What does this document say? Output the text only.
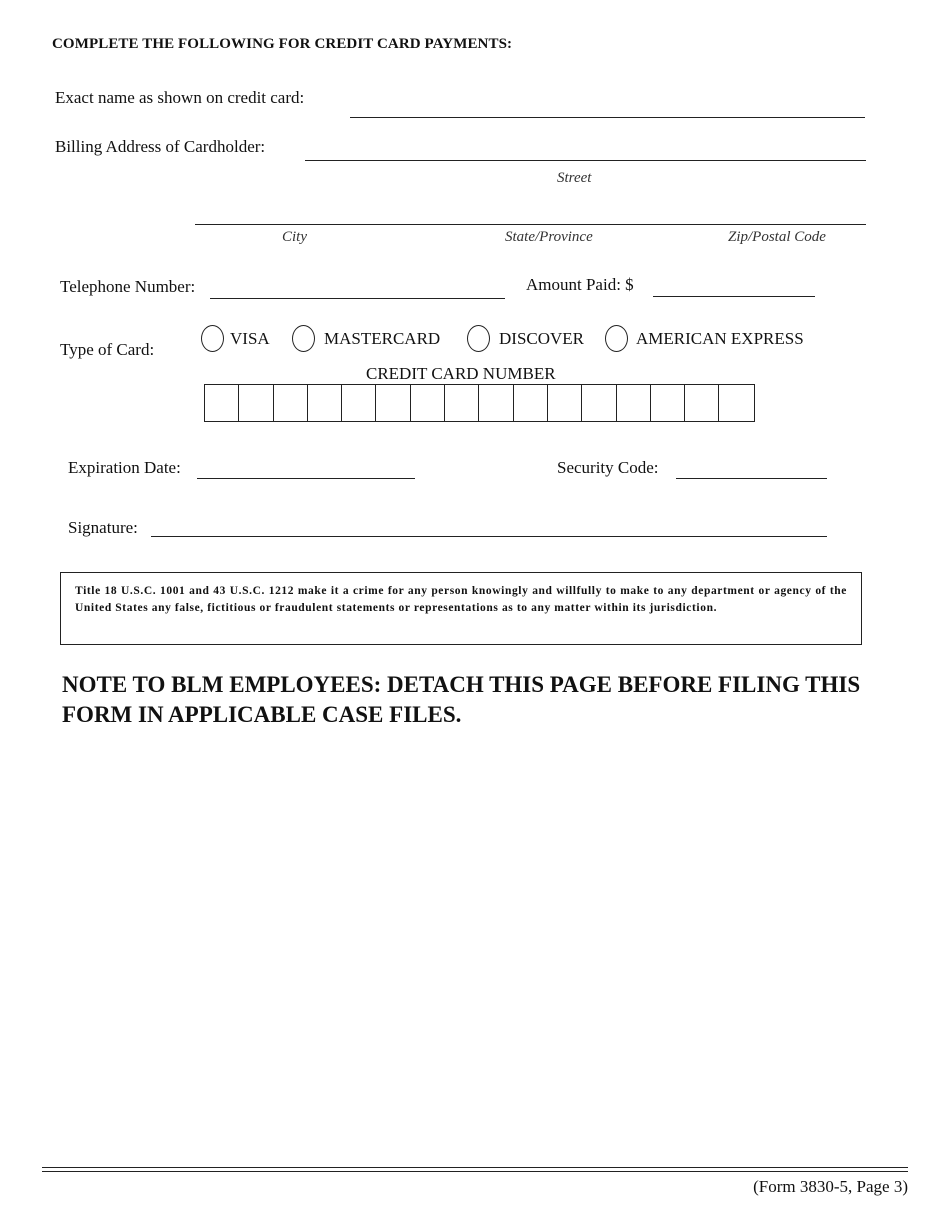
COMPLETE THE FOLLOWING FOR CREDIT CARD PAYMENTS:
Exact name as shown on credit card:
Billing Address of Cardholder:
Street
City	State/Province	Zip/Postal Code
Telephone Number:	Amount Paid: $
Type of Card:
VISA	MASTERCARD	DISCOVER	AMERICAN EXPRESS
CREDIT CARD NUMBER
Expiration Date:	Security Code:
Signature:
Title 18 U.S.C. 1001 and 43 U.S.C. 1212 make it a crime for any person knowingly and willfully to make to any department or agency of the United States any false, fictitious or fraudulent statements or representations as to any matter within its jurisdiction.
NOTE TO BLM EMPLOYEES: DETACH THIS PAGE BEFORE FILING THIS FORM IN APPLICABLE CASE FILES.
(Form 3830-5, Page 3)
